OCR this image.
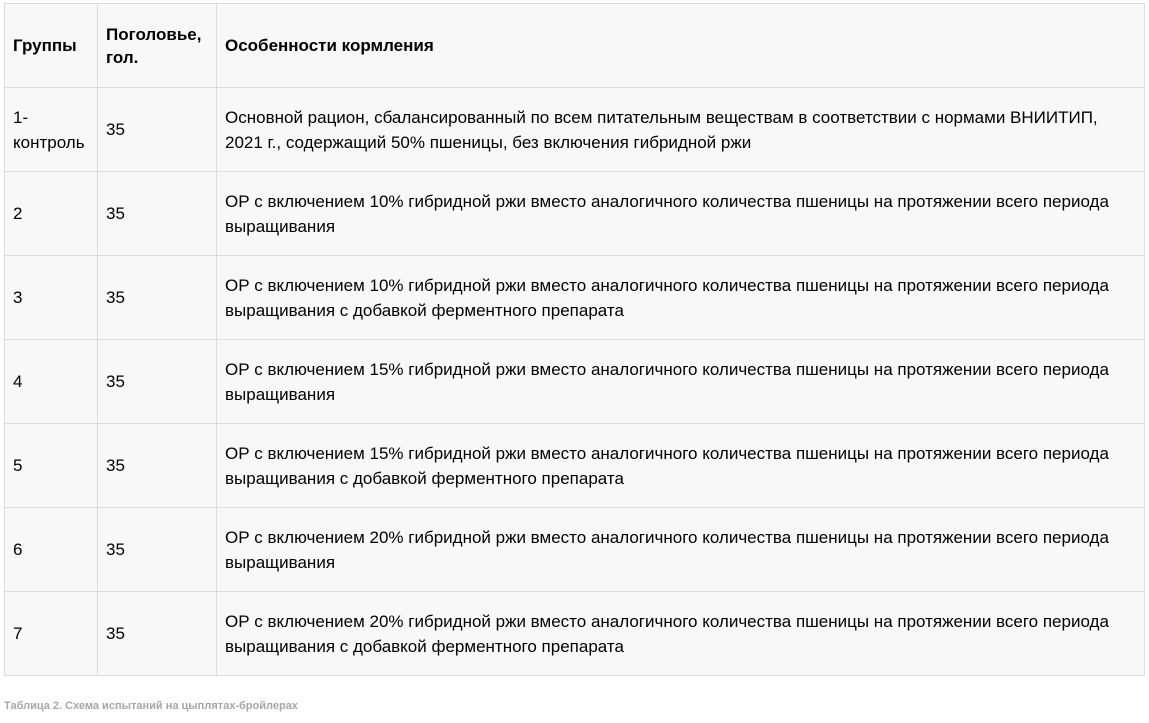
Группы	Поголовье, гол.	Особенности кормления
1-контроль	35	Основной рацион, сбалансированный по всем питательным веществам в соответствии с нормами ВНИИТИП, 2021 г., содержащий 50% пшеницы, без включения гибридной ржи
2	35	ОР с включением 10% гибридной ржи вместо аналогичного количества пшеницы на протяжении всего периода выращивания
3	35	ОР с включением 10% гибридной ржи вместо аналогичного количества пшеницы на протяжении всего периода выращивания с добавкой ферментного препарата
4	35	ОР с включением 15% гибридной ржи вместо аналогичного количества пшеницы на протяжении всего периода выращивания
5	35	ОР с включением 15% гибридной ржи вместо аналогичного количества пшеницы на протяжении всего периода выращивания с добавкой ферментного препарата
6	35	ОР с включением 20% гибридной ржи вместо аналогичного количества пшеницы на протяжении всего периода выращивания
7	35	ОР с включением 20% гибридной ржи вместо аналогичного количества пшеницы на протяжении всего периода выращивания с добавкой ферментного препарата
Таблица 2. Схема испытаний на цыплятах-бройлерах
